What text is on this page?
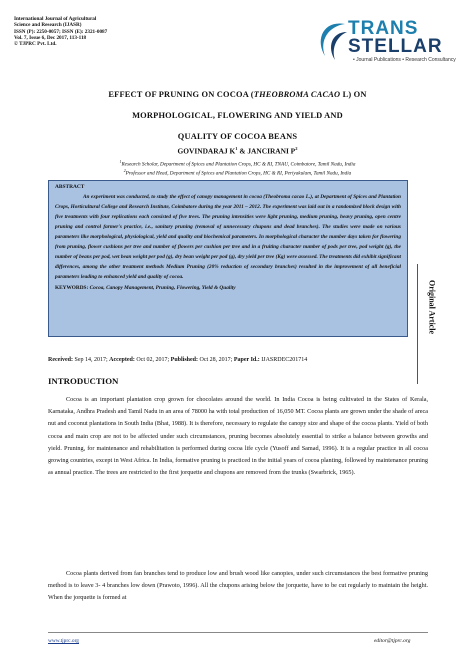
International Journal of Agricultural
Science and Research (IJASR)
ISSN (P): 2250-0057; ISSN (E): 2321-0087
Vol. 7, Issue 6, Dec 2017, 113-118
© TJPRC Pvt. Ltd.
TRANS
STELLAR
• Journal Publications • Research Consultancy
EFFECT OF PRUNING ON COCOA (THEOBROMA CACAO L) ON
MORPHOLOGICAL, FLOWERING AND YIELD AND
QUALITY OF COCOA BEANS
GOVINDARAJ $K^1$ & JANCIRANI $P^2$
$^1$Research Scholar, Department of Spices and Plantation Crops, HC & RI, TNAU, Coimbatore, Tamil Nadu, India
$^2$Professor and Head, Department of Spices and Plantation Crops, HC & RI, Periyakulam, Tamil Nadu, India
ABSTRACT
An experiment was conducted, to study the effect of canopy management in cocoa (Theobroma cacao L.), at Department of Spices and Plantation Crops, Horticultural College and Research Institute, Coimbatore during the year 2011 – 2012. The experiment was laid out in a randomized block design with five treatments with four replications each consisted of five trees. The pruning intensities were light pruning, medium pruning, heavy pruning, open centre pruning and control farmer's practice, i.e., sanitary pruning (removal of unnecessary chupons and dead branches). The studies were made on various parameters like morphological, physiological, yield and quality and biochemical parameters. In morphological character the number days taken for flowering from pruning, flower cushions per tree and number of flowers per cushion per tree and in a fruiting character number of pods per tree, pod weight (g), the number of beans per pod, wet bean weight per pod (g), dry bean weight per pod (g), dry yield per tree (Kg) were assessed. The treatments did exhibit significant differences, among the other treatment methods Medium Pruning (20% reduction of secondary branches) resulted in the improvement of all beneficial parameters leading to enhanced yield and quality of cocoa.
KEYWORDS: Cocoa, Canopy Management, Pruning, Flowering, Yield & Quality	Original Article
Received: Sep 14, 2017; Accepted: Oct 02, 2017; Published: Oct 28, 2017; Paper Id.: IJASRDEC201714
INTRODUCTION
Cocoa is an important plantation crop grown for chocolates around the world. In India Cocoa is being cultivated in the States of Kerala, Karnataka, Andhra Pradesh and Tamil Nadu in an area of 78000 ha with total production of 16,050 MT. Cocoa plants are grown under the shade of areca nut and coconut plantations in South India (Bhat, 1988). It is therefore, necessary to regulate the canopy size and shape of the cocoa plants. Yield of both cocoa and main crop are not to be affected under such circumstances, pruning becomes absolutely essential to strike a balance between growths and yield. Pruning, for maintenance and rehabilitation is performed during cocoa life cycle (Yusoff and Samad, 1996). It is a regular practice in all cocoa growing countries, except in West Africa. In India, formative pruning is practiced in the initial years of cocoa planting, followed by maintenance pruning as annual practice. The trees are restricted to the first jorquette and chupons are removed from the trunks (Swarbrick, 1965).
Cocoa plants derived from fan branches tend to produce low and brush wood like canopies, under such circumstances the best formative pruning method is to leave 3- 4 branches low down (Prawoto, 1996). All the chupons arising below the jorquette, have to be cut regularly to maintain the height. When the jorquette is formed at
www.tjprc.org	editor@tjprc.org
